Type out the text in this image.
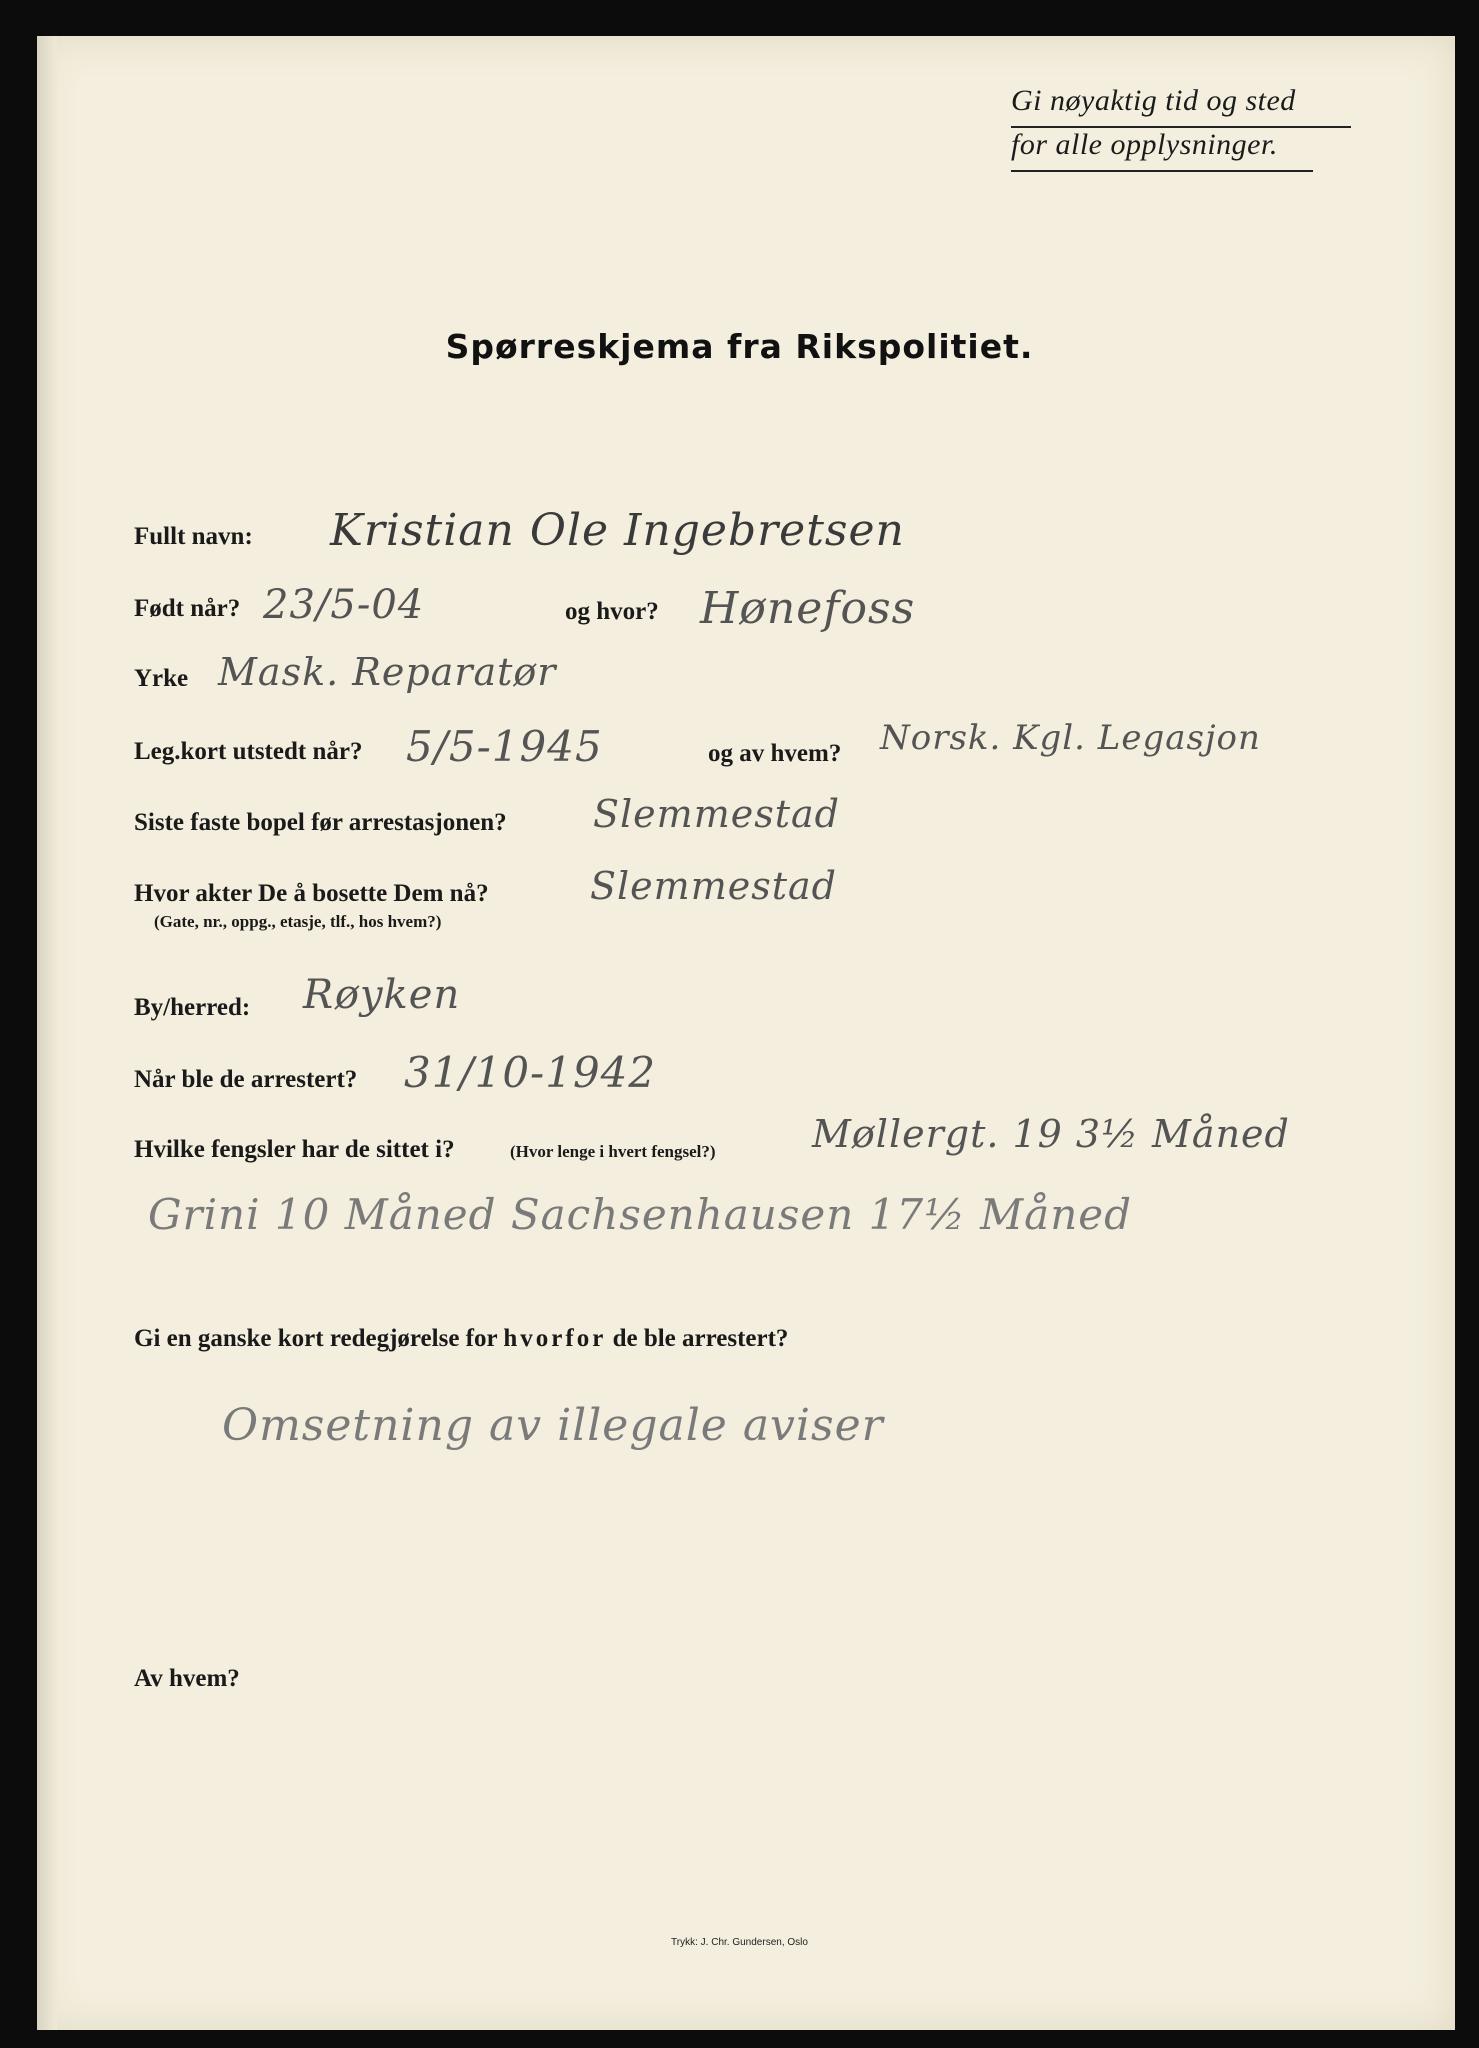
Gi nøyaktig tid og sted
for alle opplysninger.
Spørreskjema fra Rikspolitiet.
Fullt navn: Kristian Ole Ingebretsen
Født når? 23/5-04	og hvor? Hønefoss
Yrke Mask. Reparatør
Leg.kort utstedt når? 5/5-1945	og av hvem? Norsk. Kgl. Legasjon
Siste faste bopel før arrestasjonen? Slemmestad
Hvor akter De å bosette Dem nå?
(Gate, nr., oppg., etasje, tlf., hos hvem?)
Slemmestad
By/herred: Røyken
Når ble de arrestert? 31/10-1942
Hvilke fengsler har de sittet i?	(Hvor lenge i hvert fengsel?)	Møllergt. 19 3½ Måned
Grini 10 Måned Sachsenhausen 17½ Måned
Gi en ganske kort redegjørelse for hvorfor de ble arrestert?
Omsetning av illegale aviser
Av hvem?
Trykk: J. Chr. Gundersen, Oslo
